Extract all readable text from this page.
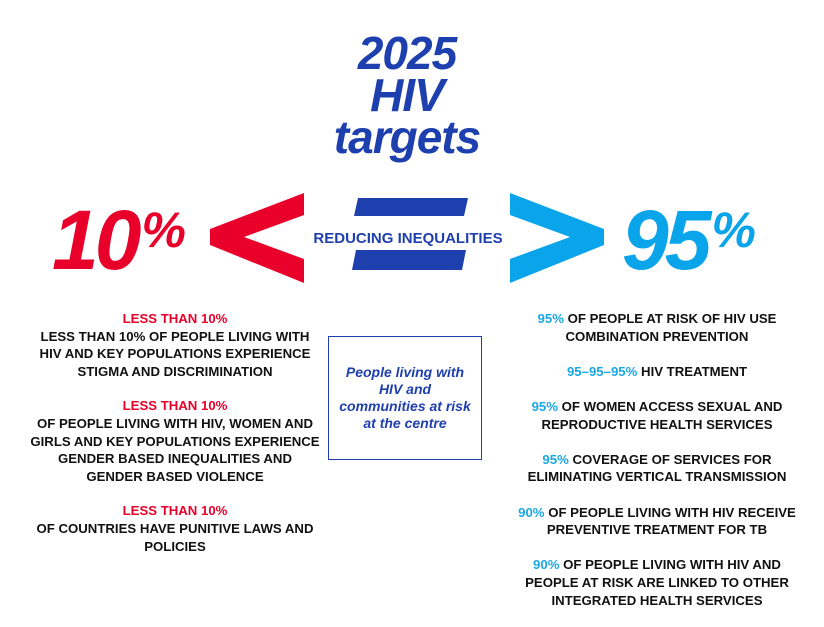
2025
HIV
targets
10%	REDUCING INEQUALITIES 95%
LESS THAN 10%
LESS THAN 10% OF PEOPLE LIVING WITH HIV AND KEY POPULATIONS EXPERIENCE STIGMA AND DISCRIMINATION
LESS THAN 10%
OF PEOPLE LIVING WITH HIV, WOMEN AND GIRLS AND KEY POPULATIONS EXPERIENCE GENDER BASED INEQUALITIES AND GENDER BASED VIOLENCE
LESS THAN 10%
OF COUNTRIES HAVE PUNITIVE LAWS AND POLICIES
People living with HIV and communities at risk at the centre
95% OF PEOPLE AT RISK OF HIV USE COMBINATION PREVENTION
95–95–95% HIV TREATMENT
95% OF WOMEN ACCESS SEXUAL AND REPRODUCTIVE HEALTH SERVICES
95% COVERAGE OF SERVICES FOR ELIMINATING VERTICAL TRANSMISSION
90% OF PEOPLE LIVING WITH HIV RECEIVE PREVENTIVE TREATMENT FOR TB
90% OF PEOPLE LIVING WITH HIV AND PEOPLE AT RISK ARE LINKED TO OTHER INTEGRATED HEALTH SERVICES
